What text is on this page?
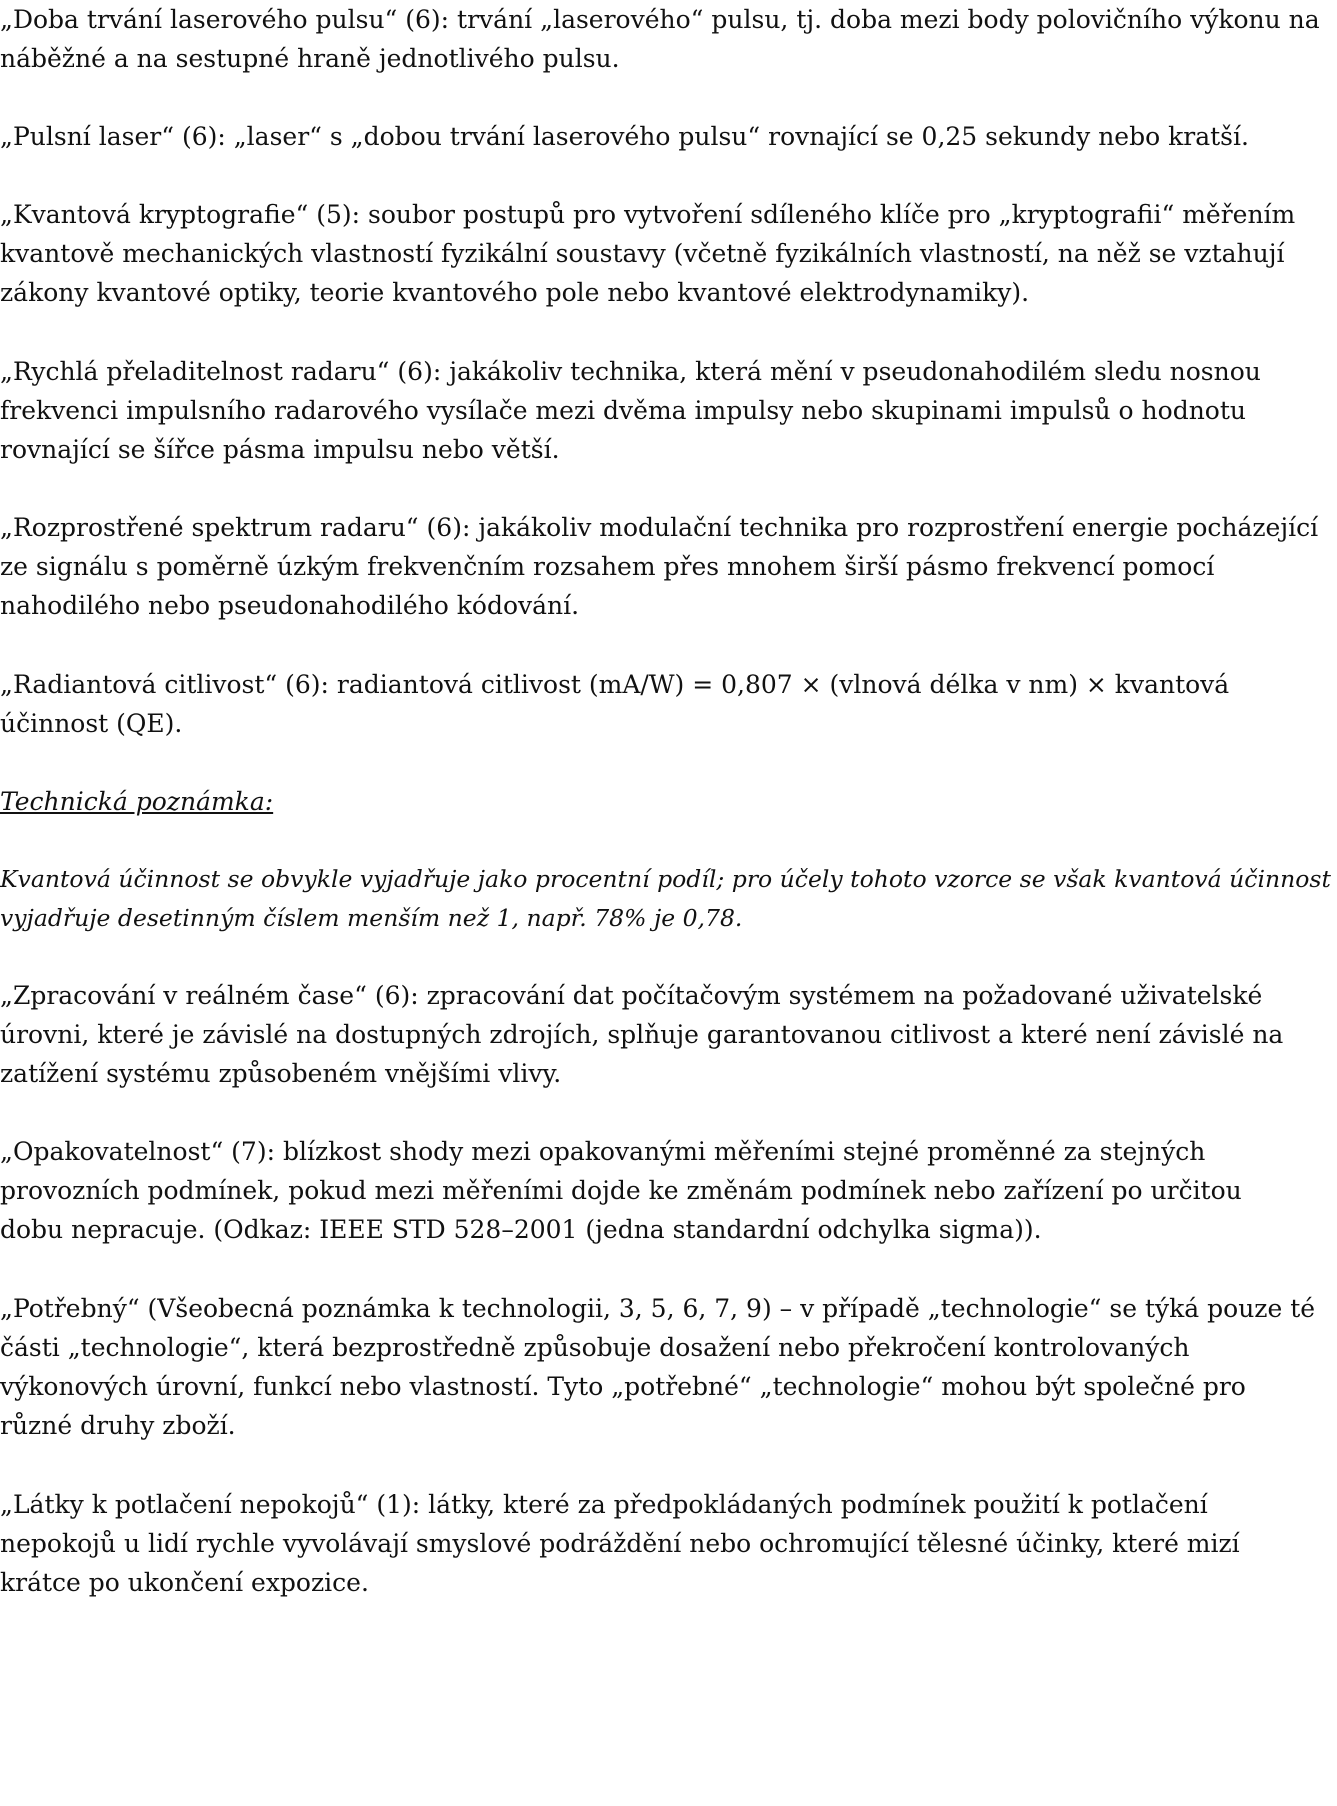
„Doba trvání laserového pulsu“ (6): trvání „laserového“ pulsu, tj. doba mezi body polovičního výkonu na
náběžné a na sestupné hraně jednotlivého pulsu.

„Pulsní laser“ (6): „laser“ s „dobou trvání laserového pulsu“ rovnající se 0,25 sekundy nebo kratší.

„Kvantová kryptografie“ (5): soubor postupů pro vytvoření sdíleného klíče pro „kryptografii“ měřením
kvantově mechanických vlastností fyzikální soustavy (včetně fyzikálních vlastností, na něž se vztahují
zákony kvantové optiky, teorie kvantového pole nebo kvantové elektrodynamiky).

„Rychlá přeladitelnost radaru“ (6): jakákoliv technika, která mění v pseudonahodilém sledu nosnou
frekvenci impulsního radarového vysílače mezi dvěma impulsy nebo skupinami impulsů o hodnotu
rovnající se šířce pásma impulsu nebo větší.

„Rozprostřené spektrum radaru“ (6): jakákoliv modulační technika pro rozprostření energie pocházející
ze signálu s poměrně úzkým frekvenčním rozsahem přes mnohem širší pásmo frekvencí pomocí
nahodilého nebo pseudonahodilého kódování.

„Radiantová citlivost“ (6): radiantová citlivost (mA/W) = 0,807 × (vlnová délka v nm) × kvantová
účinnost (QE).

Technická poznámka:

Kvantová účinnost se obvykle vyjadřuje jako procentní podíl; pro účely tohoto vzorce se však kvantová účinnost
vyjadřuje desetinným číslem menším než 1, např. 78% je 0,78.

„Zpracování v reálném čase“ (6): zpracování dat počítačovým systémem na požadované uživatelské
úrovni, které je závislé na dostupných zdrojích, splňuje garantovanou citlivost a které není závislé na
zatížení systému způsobeném vnějšími vlivy.

„Opakovatelnost“ (7): blízkost shody mezi opakovanými měřeními stejné proměnné za stejných
provozních podmínek, pokud mezi měřeními dojde ke změnám podmínek nebo zařízení po určitou
dobu nepracuje. (Odkaz: IEEE STD 528–2001 (jedna standardní odchylka sigma)).

„Potřebný“ (Všeobecná poznámka k technologii, 3, 5, 6, 7, 9) – v případě „technologie“ se týká pouze té
části „technologie“, která bezprostředně způsobuje dosažení nebo překročení kontrolovaných
výkonových úrovní, funkcí nebo vlastností. Tyto „potřebné“ „technologie“ mohou být společné pro
různé druhy zboží.

„Látky k potlačení nepokojů“ (1): látky, které za předpokládaných podmínek použití k potlačení
nepokojů u lidí rychle vyvolávají smyslové podráždění nebo ochromující tělesné účinky, které mizí
krátce po ukončení expozice.
